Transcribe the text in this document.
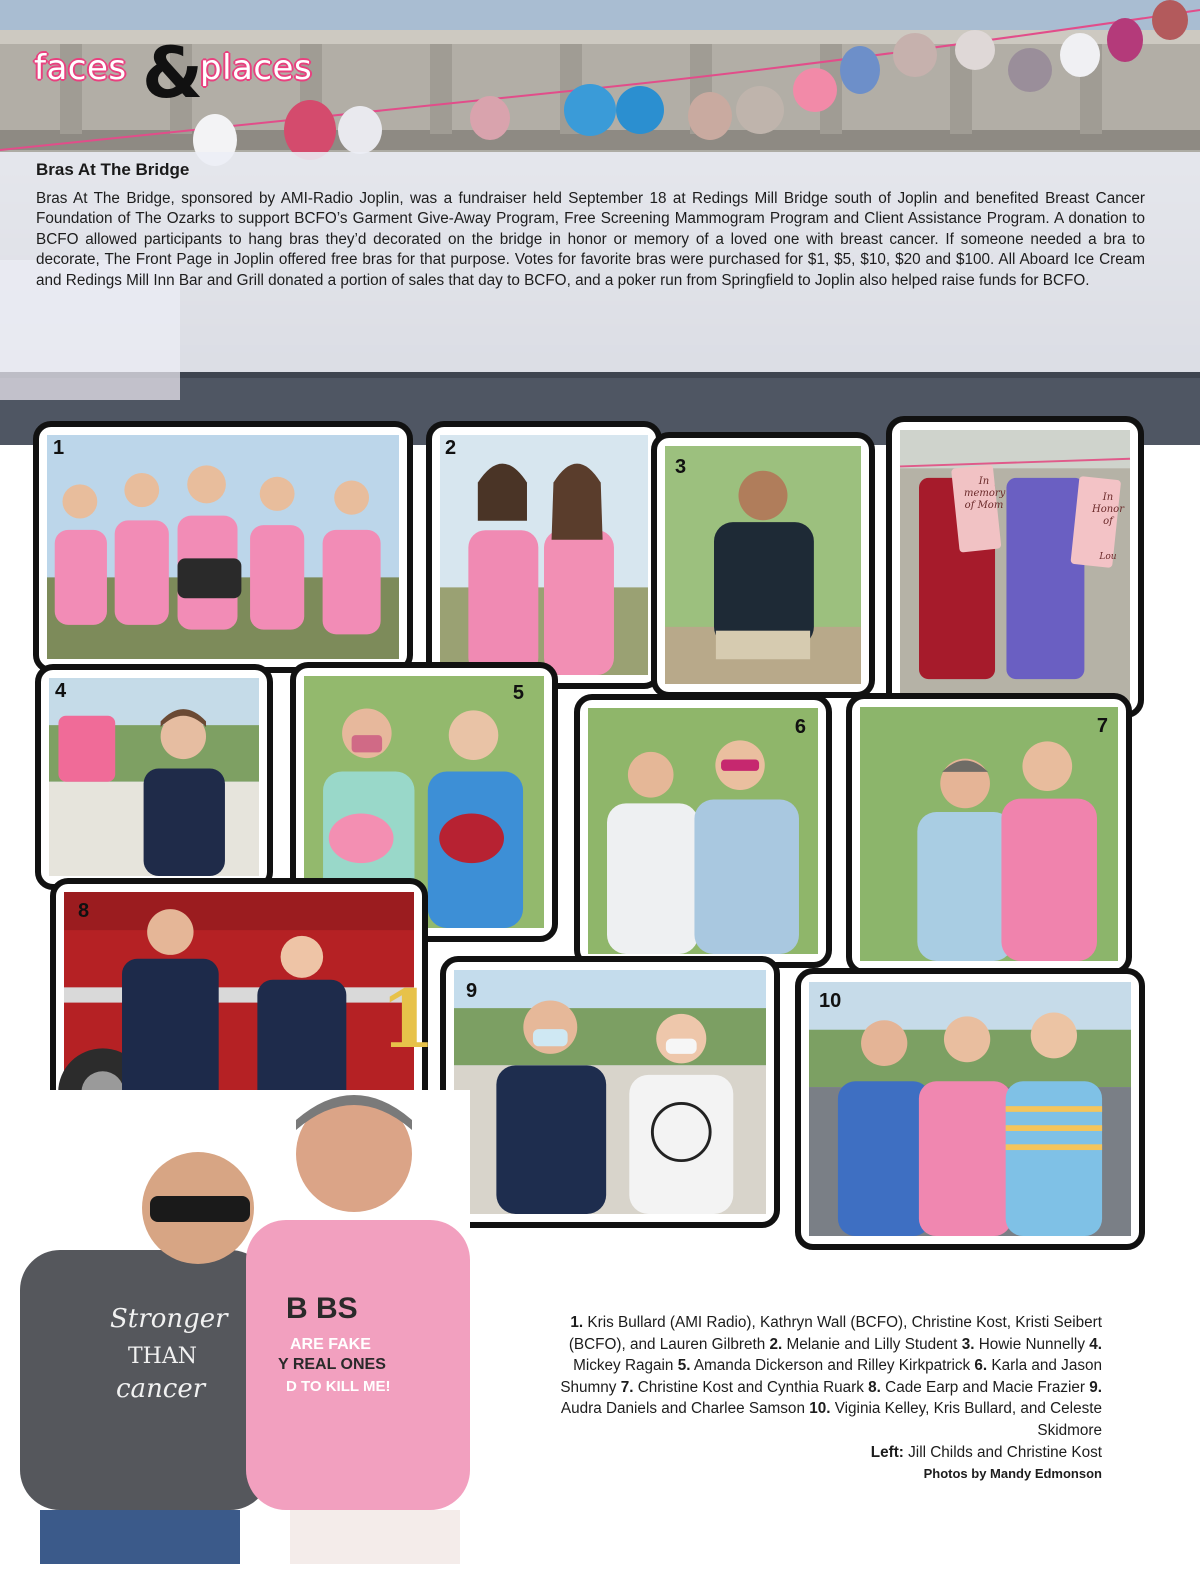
faces &
places
Bras At The Bridge

Bras At The Bridge, sponsored by AMI-Radio Joplin, was a fundraiser held September 18 at Redings Mill Bridge south of Joplin and benefited Breast Cancer Foundation of The Ozarks to support BCFO’s Garment Give-Away Program, Free Screening Mammogram Program and Client Assistance Program. A donation to BCFO allowed participants to hang bras they’d decorated on the bridge in honor or memory of a loved one with breast cancer. If someone needed a bra to decorate, The Front Page in Joplin offered free bras for that purpose. Votes for favorite bras were purchased for $1, $5, $10, $20 and $100. All Aboard Ice Cream and Redings Mill Inn Bar and Grill donated a portion of sales that day to BCFO, and a poker run from Springfield to Joplin also helped raise funds for BCFO.

1	2
3
In memory of Mom
In Honor of
Lou
4	5
6	7
1
8
9	10
Stronger
THAN
cancer
B BS
ARE FAKE
Y REAL ONES
D TO KILL ME!
1. Kris Bullard (AMI Radio), Kathryn Wall (BCFO), Christine Kost, Kristi Seibert (BCFO), and Lauren Gilbreth 2. Melanie and Lilly Student 3. Howie Nunnelly 4. Mickey Ragain 5. Amanda Dickerson and Rilley Kirkpatrick 6. Karla and Jason Shumny 7. Christine Kost and Cynthia Ruark 8. Cade Earp and Macie Frazier 9. Audra Daniels and Charlee Samson 10. Viginia Kelley, Kris Bullard, and Celeste Skidmore
Left: Jill Childs and Christine Kost
Photos by Mandy Edmonson
